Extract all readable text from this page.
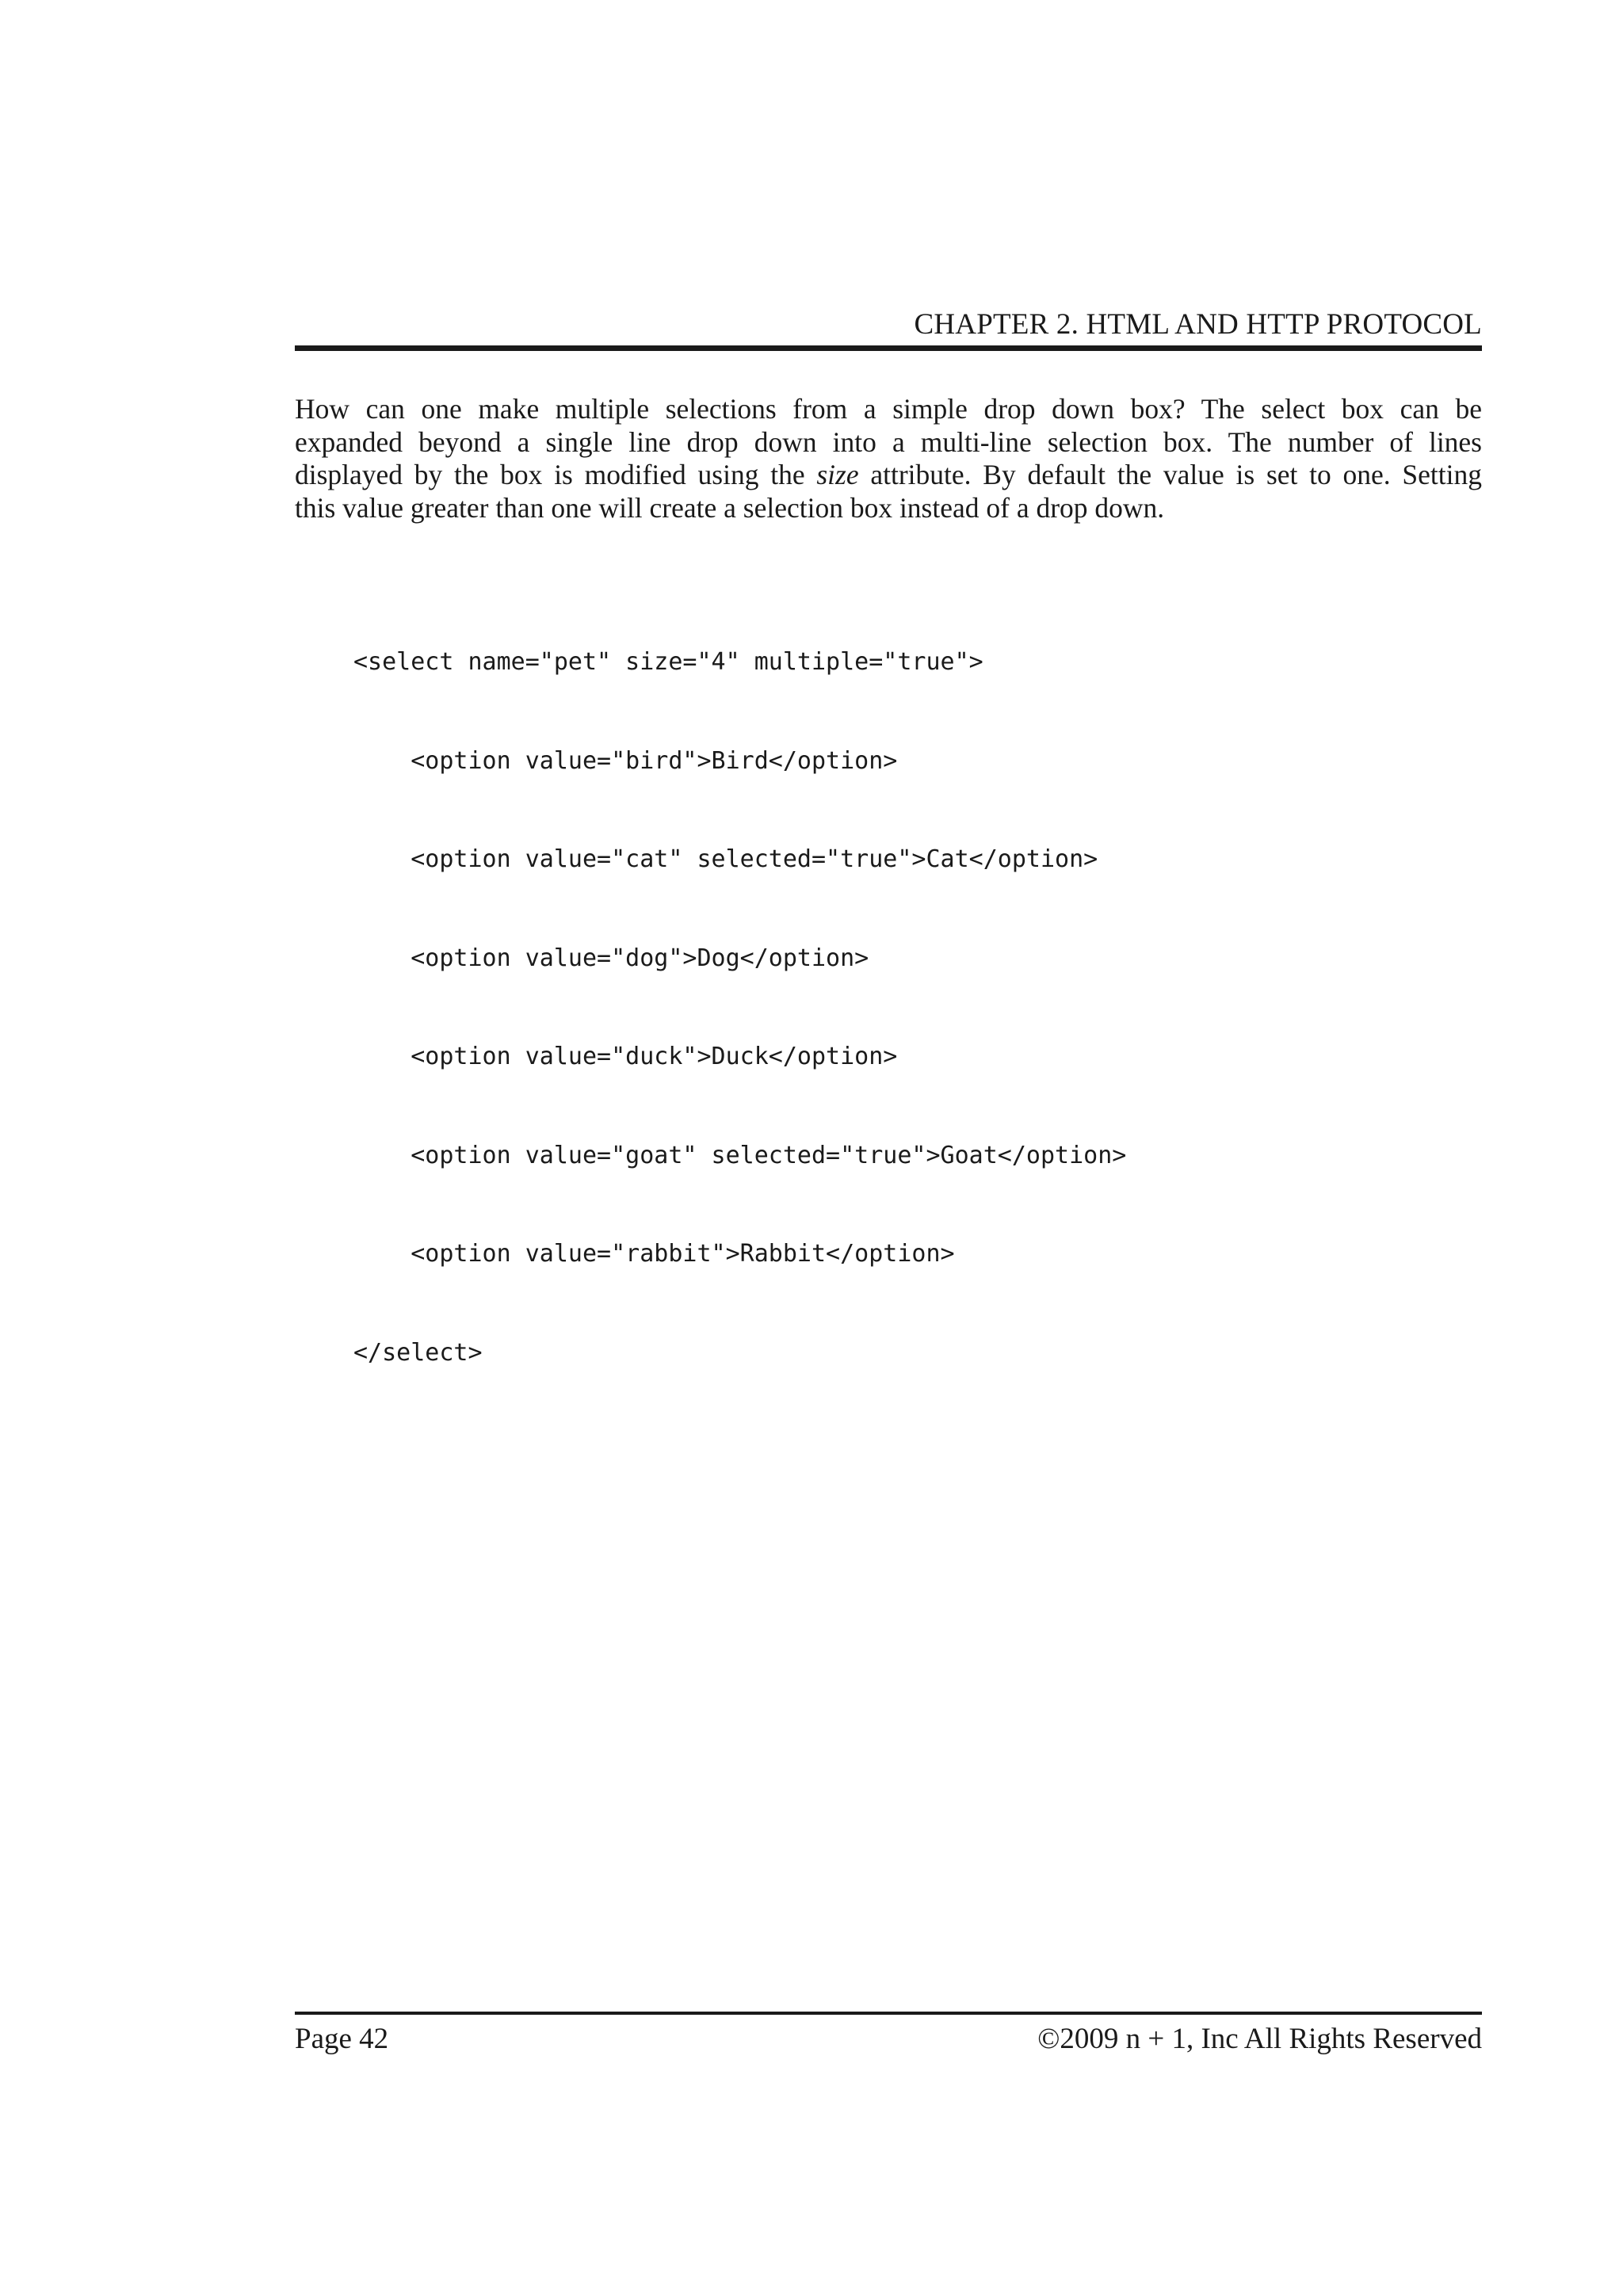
CHAPTER 2. HTML AND HTTP PROTOCOL
How can one make multiple selections from a simple drop down box? The select box can be
expanded beyond a single line drop down into a multi-line selection box. The number of lines
displayed by the box is modified using the size attribute. By default the value is set to one. Setting
this value greater than one will create a selection box instead of a drop down.

<select name="pet" size="4" multiple="true">

<option value="bird">Bird</option>

<option value="cat" selected="true">Cat</option>

<option value="dog">Dog</option>

<option value="duck">Duck</option>

<option value="goat" selected="true">Goat</option>

<option value="rabbit">Rabbit</option>

</select>

Page 42	©2009 n + 1, Inc All Rights Reserved
